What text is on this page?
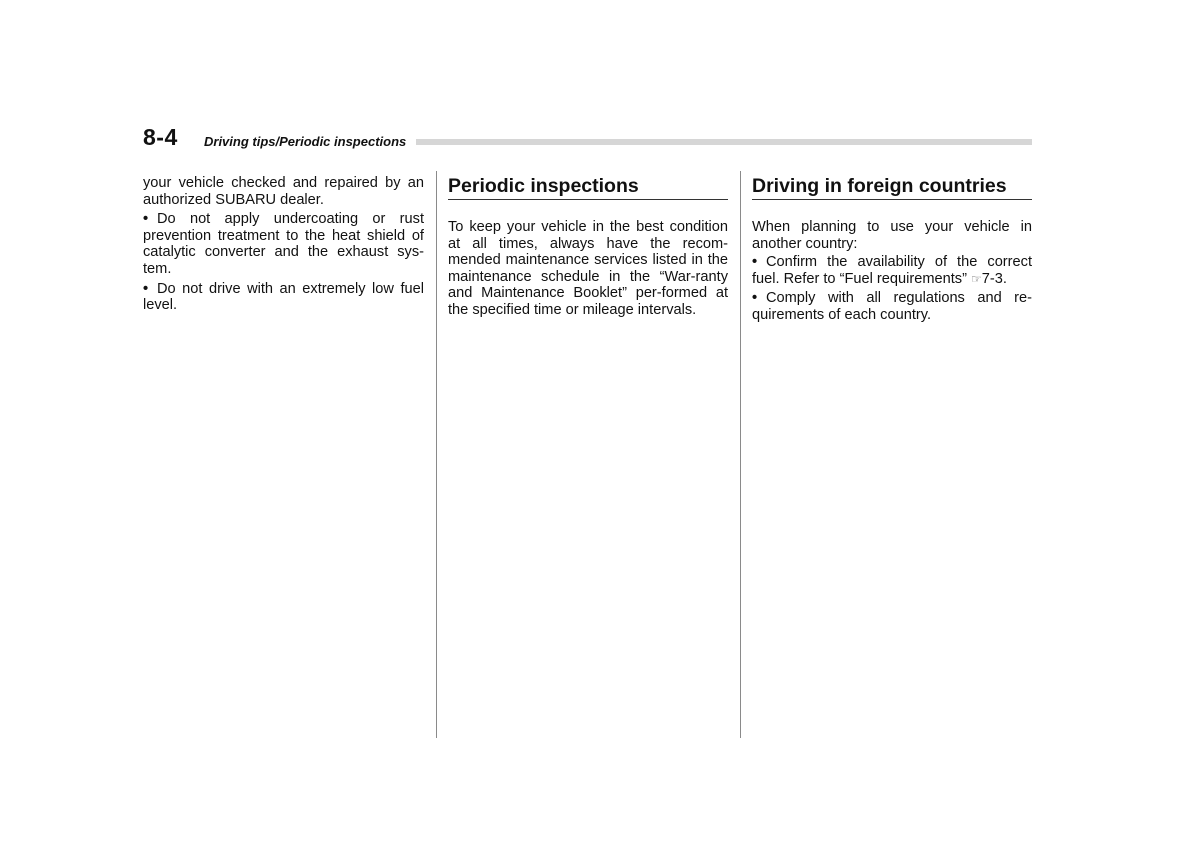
8-4 Driving tips/Periodic inspections

your vehicle checked and repaired by an authorized SUBARU dealer.

• Do not apply undercoating or rust prevention treatment to the heat shield of catalytic converter and the exhaust sys-tem.

• Do not drive with an extremely low fuel level.

Periodic inspections

To keep your vehicle in the best condition at all times, always have the recom-mended maintenance services listed in the maintenance schedule in the “War-ranty and Maintenance Booklet” per-formed at the specified time or mileage intervals.

Driving in foreign countries

When planning to use your vehicle in another country:

• Confirm the availability of the correct fuel. Refer to “Fuel requirements” ☞7-3.

• Comply with all regulations and re-quirements of each country.
